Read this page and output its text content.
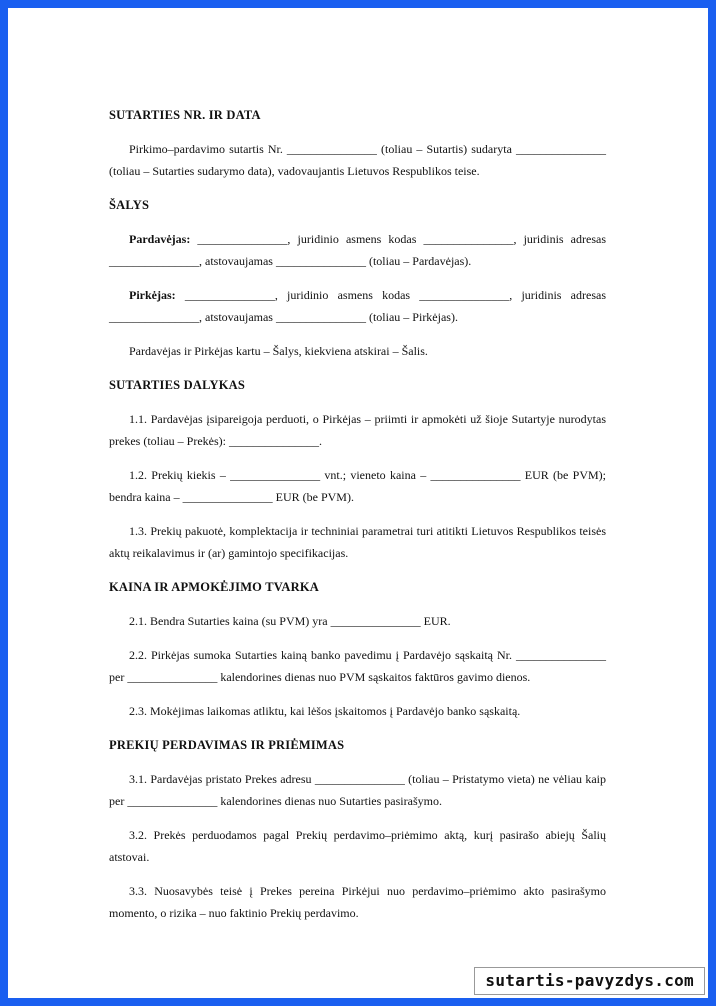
SUTARTIES NR. IR DATA

Pirkimo–pardavimo sutartis Nr. _______________ (toliau – Sutartis) sudaryta _______________ (toliau – Sutarties sudarymo data), vadovaujantis Lietuvos Respublikos teise.

ŠALYS

Pardavėjas: _______________, juridinio asmens kodas _______________, juridinis adresas _______________, atstovaujamas _______________ (toliau – Pardavėjas).

Pirkėjas: _______________, juridinio asmens kodas _______________, juridinis adresas _______________, atstovaujamas _______________ (toliau – Pirkėjas).

Pardavėjas ir Pirkėjas kartu – Šalys, kiekviena atskirai – Šalis.

SUTARTIES DALYKAS

1.1. Pardavėjas įsipareigoja perduoti, o Pirkėjas – priimti ir apmokėti už šioje Sutartyje nurodytas prekes (toliau – Prekės): _______________.

1.2. Prekių kiekis – _______________ vnt.; vieneto kaina – _______________ EUR (be PVM); bendra kaina – _______________ EUR (be PVM).

1.3. Prekių pakuotė, komplektacija ir techniniai parametrai turi atitikti Lietuvos Respublikos teisės aktų reikalavimus ir (ar) gamintojo specifikacijas.

KAINA IR APMOKĖJIMO TVARKA

2.1. Bendra Sutarties kaina (su PVM) yra _______________ EUR.

2.2. Pirkėjas sumoka Sutarties kainą banko pavedimu į Pardavėjo sąskaitą Nr. _______________ per _______________ kalendorines dienas nuo PVM sąskaitos faktūros gavimo dienos.

2.3. Mokėjimas laikomas atliktu, kai lėšos įskaitomos į Pardavėjo banko sąskaitą.

PREKIŲ PERDAVIMAS IR PRIĖMIMAS

3.1. Pardavėjas pristato Prekes adresu _______________ (toliau – Pristatymo vieta) ne vėliau kaip per _______________ kalendorines dienas nuo Sutarties pasirašymo.

3.2. Prekės perduodamos pagal Prekių perdavimo–priėmimo aktą, kurį pasirašo abiejų Šalių atstovai.

3.3. Nuosavybės teisė į Prekes pereina Pirkėjui nuo perdavimo–priėmimo akto pasirašymo momento, o rizika – nuo faktinio Prekių perdavimo.

sutartis-pavyzdys.com
